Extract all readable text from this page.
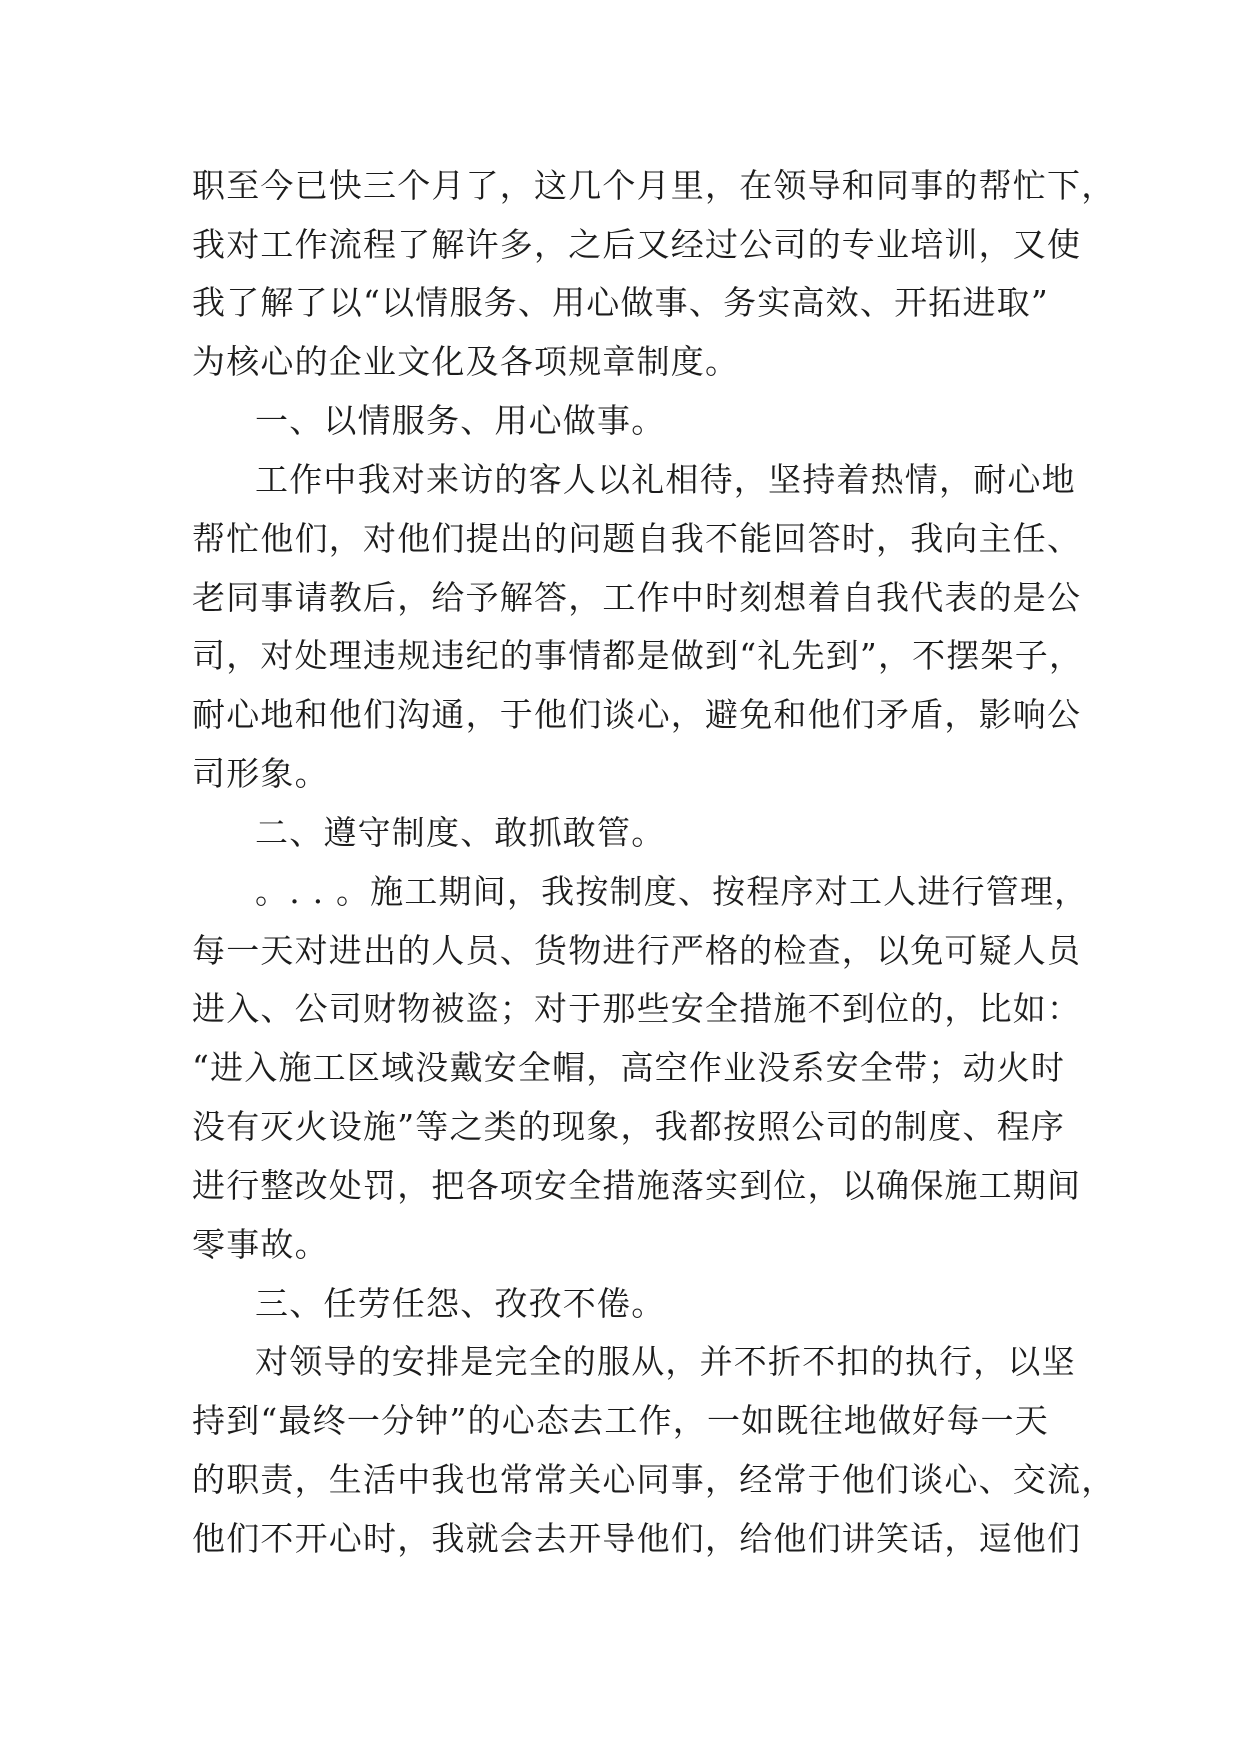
职至今已快三个月了，这几个月里，在领导和同事的帮忙下，
我对工作流程了解许多，之后又经过公司的专业培训，又使
我了解了以“以情服务、用心做事、务实高效、开拓进取”
为核心的企业文化及各项规章制度。
一、以情服务、用心做事。
工作中我对来访的客人以礼相待，坚持着热情，耐心地
帮忙他们，对他们提出的问题自我不能回答时，我向主任、
老同事请教后，给予解答，工作中时刻想着自我代表的是公
司，对处理违规违纪的事情都是做到“礼先到”，不摆架子，
耐心地和他们沟通，于他们谈心，避免和他们矛盾，影响公
司形象。
二、遵守制度、敢抓敢管。
。. . 。施工期间，我按制度、按程序对工人进行管理，
每一天对进出的人员、货物进行严格的检查，以免可疑人员
进入、公司财物被盗；对于那些安全措施不到位的，比如：
“进入施工区域没戴安全帽，高空作业没系安全带；动火时
没有灭火设施”等之类的现象，我都按照公司的制度、程序
进行整改处罚，把各项安全措施落实到位，以确保施工期间
零事故。
三、任劳任怨、孜孜不倦。
对领导的安排是完全的服从，并不折不扣的执行，以坚
持到“最终一分钟”的心态去工作，一如既往地做好每一天
的职责，生活中我也常常关心同事，经常于他们谈心、交流，
他们不开心时，我就会去开导他们，给他们讲笑话，逗他们
